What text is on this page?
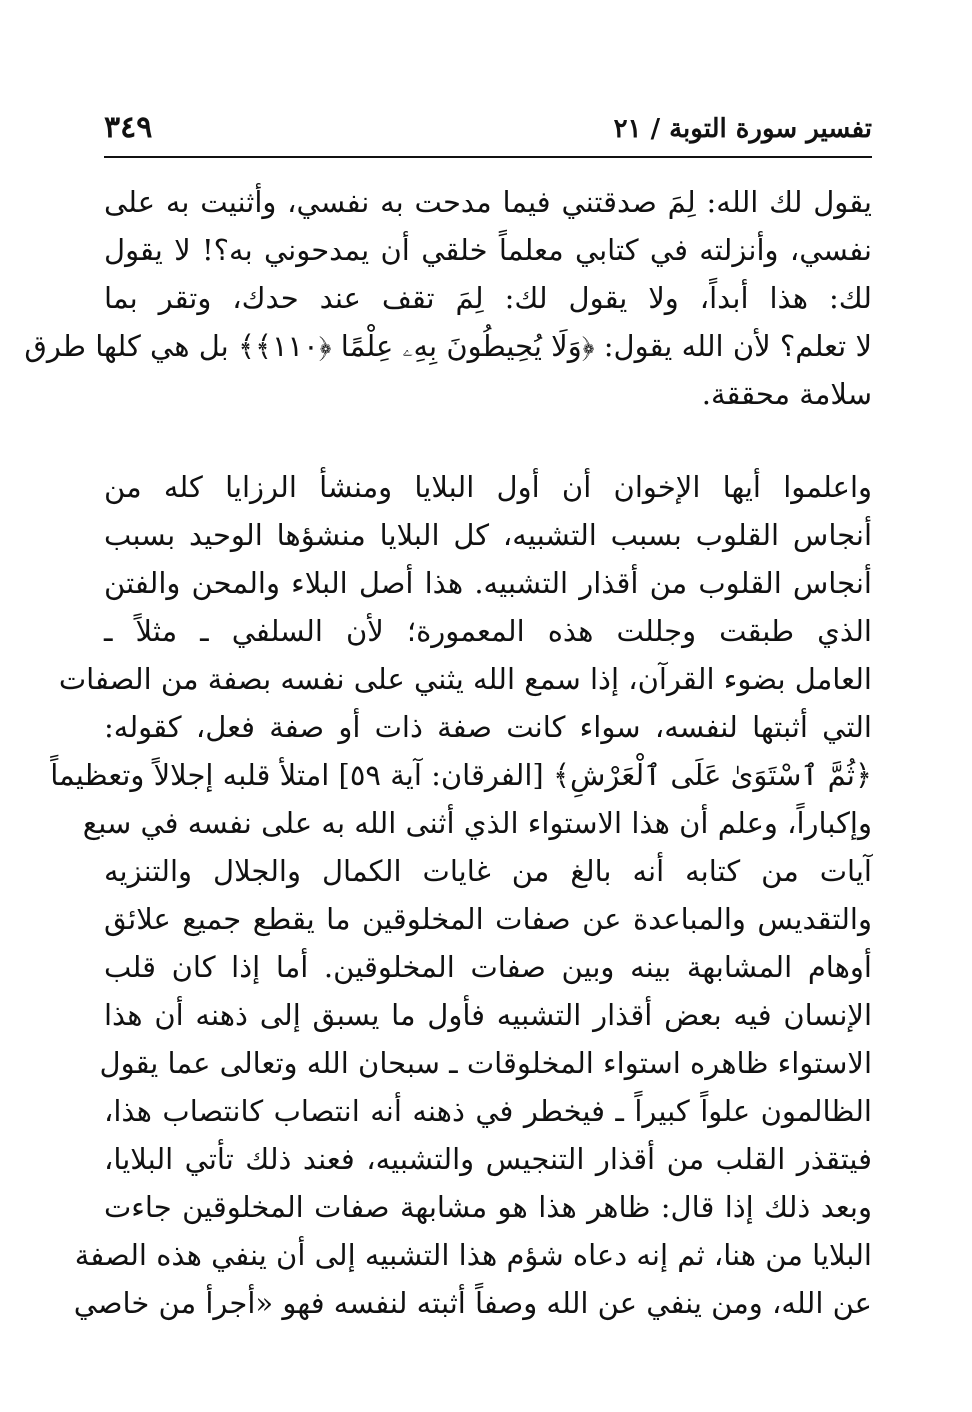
تفسير سورة التوبة / ٢١
٣٤٩
يقول لك الله: لِمَ صدقتني فيما مدحت به نفسي، وأثنيت به على
نفسي، وأنزلته في كتابي معلماً خلقي أن يمدحوني به؟! لا يقول
لك: هذا أبداً، ولا يقول لك: لِمَ تقف عند حدك، وتقر بما
لا تعلم؟ لأن الله يقول: ﴿وَلَا يُحِيطُونَ بِهِۦ عِلْمًا ﴿١١٠﴾﴾ بل هي كلها طرق
سلامة محققة.
واعلموا أيها الإخوان أن أول البلايا ومنشأ الرزايا كله من
أنجاس القلوب بسبب التشبيه، كل البلايا منشؤها الوحيد بسبب
أنجاس القلوب من أقذار التشبيه. هذا أصل البلاء والمحن والفتن
الذي طبقت وجللت هذه المعمورة؛ لأن السلفي ـ مثلاً ـ
العامل بضوء القرآن، إذا سمع الله يثني على نفسه بصفة من الصفات
التي أثبتها لنفسه، سواء كانت صفة ذات أو صفة فعل، كقوله:
﴿ثُمَّ ٱسْتَوَىٰ عَلَى ٱلْعَرْشِ﴾ [الفرقان: آية ٥٩] امتلأ قلبه إجلالاً وتعظيماً
وإكباراً، وعلم أن هذا الاستواء الذي أثنى الله به على نفسه في سبع
آيات من كتابه أنه بالغ من غايات الكمال والجلال والتنزيه
والتقديس والمباعدة عن صفات المخلوقين ما يقطع جميع علائق
أوهام المشابهة بينه وبين صفات المخلوقين. أما إذا كان قلب
الإنسان فيه بعض أقذار التشبيه فأول ما يسبق إلى ذهنه أن هذا
الاستواء ظاهره استواء المخلوقات ـ سبحان الله وتعالى عما يقول
الظالمون علواً كبيراً ـ فيخطر في ذهنه أنه انتصاب كانتصاب هذا،
فيتقذر القلب من أقذار التنجيس والتشبيه، فعند ذلك تأتي البلايا،
وبعد ذلك إذا قال: ظاهر هذا هو مشابهة صفات المخلوقين جاءت
البلايا من هنا، ثم إنه دعاه شؤم هذا التشبيه إلى أن ينفي هذه الصفة
عن الله، ومن ينفي عن الله وصفاً أثبته لنفسه فهو «أجرأ من خاصي
